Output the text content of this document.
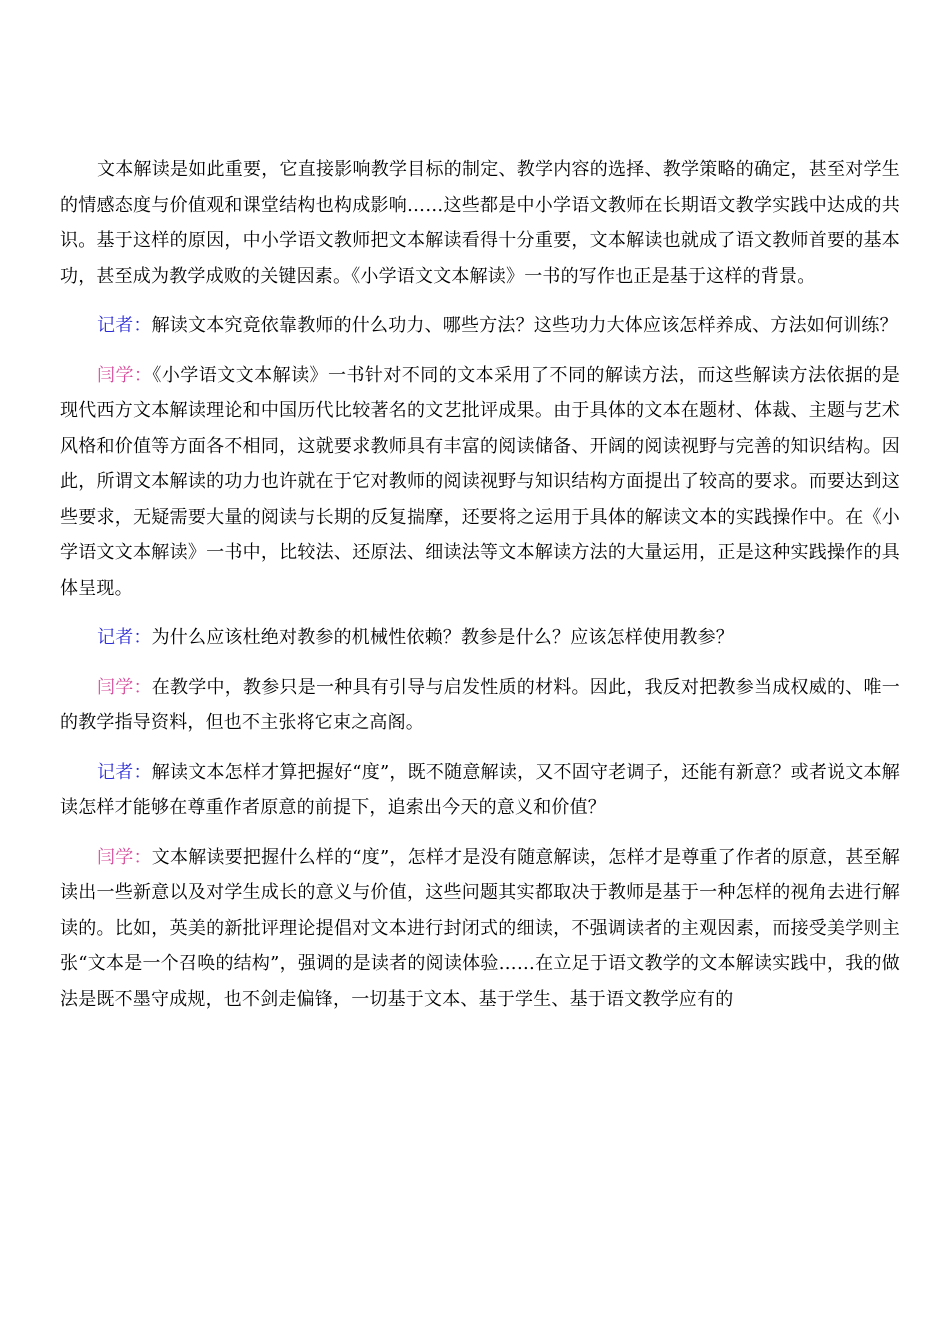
文本解读是如此重要，它直接影响教学目标的制定、教学内容的选择、教学策略的确定，甚至对学生的情感态度与价值观和课堂结构也构成影响……这些都是中小学语文教师在长期语文教学实践中达成的共识。基于这样的原因，中小学语文教师把文本解读看得十分重要，文本解读也就成了语文教师首要的基本功，甚至成为教学成败的关键因素。《小学语文文本解读》一书的写作也正是基于这样的背景。

记者：解读文本究竟依靠教师的什么功力、哪些方法？这些功力大体应该怎样养成、方法如何训练？

闫学：《小学语文文本解读》一书针对不同的文本采用了不同的解读方法，而这些解读方法依据的是现代西方文本解读理论和中国历代比较著名的文艺批评成果。由于具体的文本在题材、体裁、主题与艺术风格和价值等方面各不相同，这就要求教师具有丰富的阅读储备、开阔的阅读视野与完善的知识结构。因此，所谓文本解读的功力也许就在于它对教师的阅读视野与知识结构方面提出了较高的要求。而要达到这些要求，无疑需要大量的阅读与长期的反复揣摩，还要将之运用于具体的解读文本的实践操作中。在《小学语文文本解读》一书中，比较法、还原法、细读法等文本解读方法的大量运用，正是这种实践操作的具体呈现。

记者：为什么应该杜绝对教参的机械性依赖？教参是什么？应该怎样使用教参？

闫学：在教学中，教参只是一种具有引导与启发性质的材料。因此，我反对把教参当成权威的、唯一的教学指导资料，但也不主张将它束之高阁。

记者：解读文本怎样才算把握好“度”，既不随意解读，又不固守老调子，还能有新意？或者说文本解读怎样才能够在尊重作者原意的前提下，追索出今天的意义和价值？

闫学：文本解读要把握什么样的“度”，怎样才是没有随意解读，怎样才是尊重了作者的原意，甚至解读出一些新意以及对学生成长的意义与价值，这些问题其实都取决于教师是基于一种怎样的视角去进行解读的。比如，英美的新批评理论提倡对文本进行封闭式的细读，不强调读者的主观因素，而接受美学则主张“文本是一个召唤的结构”，强调的是读者的阅读体验……在立足于语文教学的文本解读实践中，我的做法是既不墨守成规，也不剑走偏锋，一切基于文本、基于学生、基于语文教学应有的
